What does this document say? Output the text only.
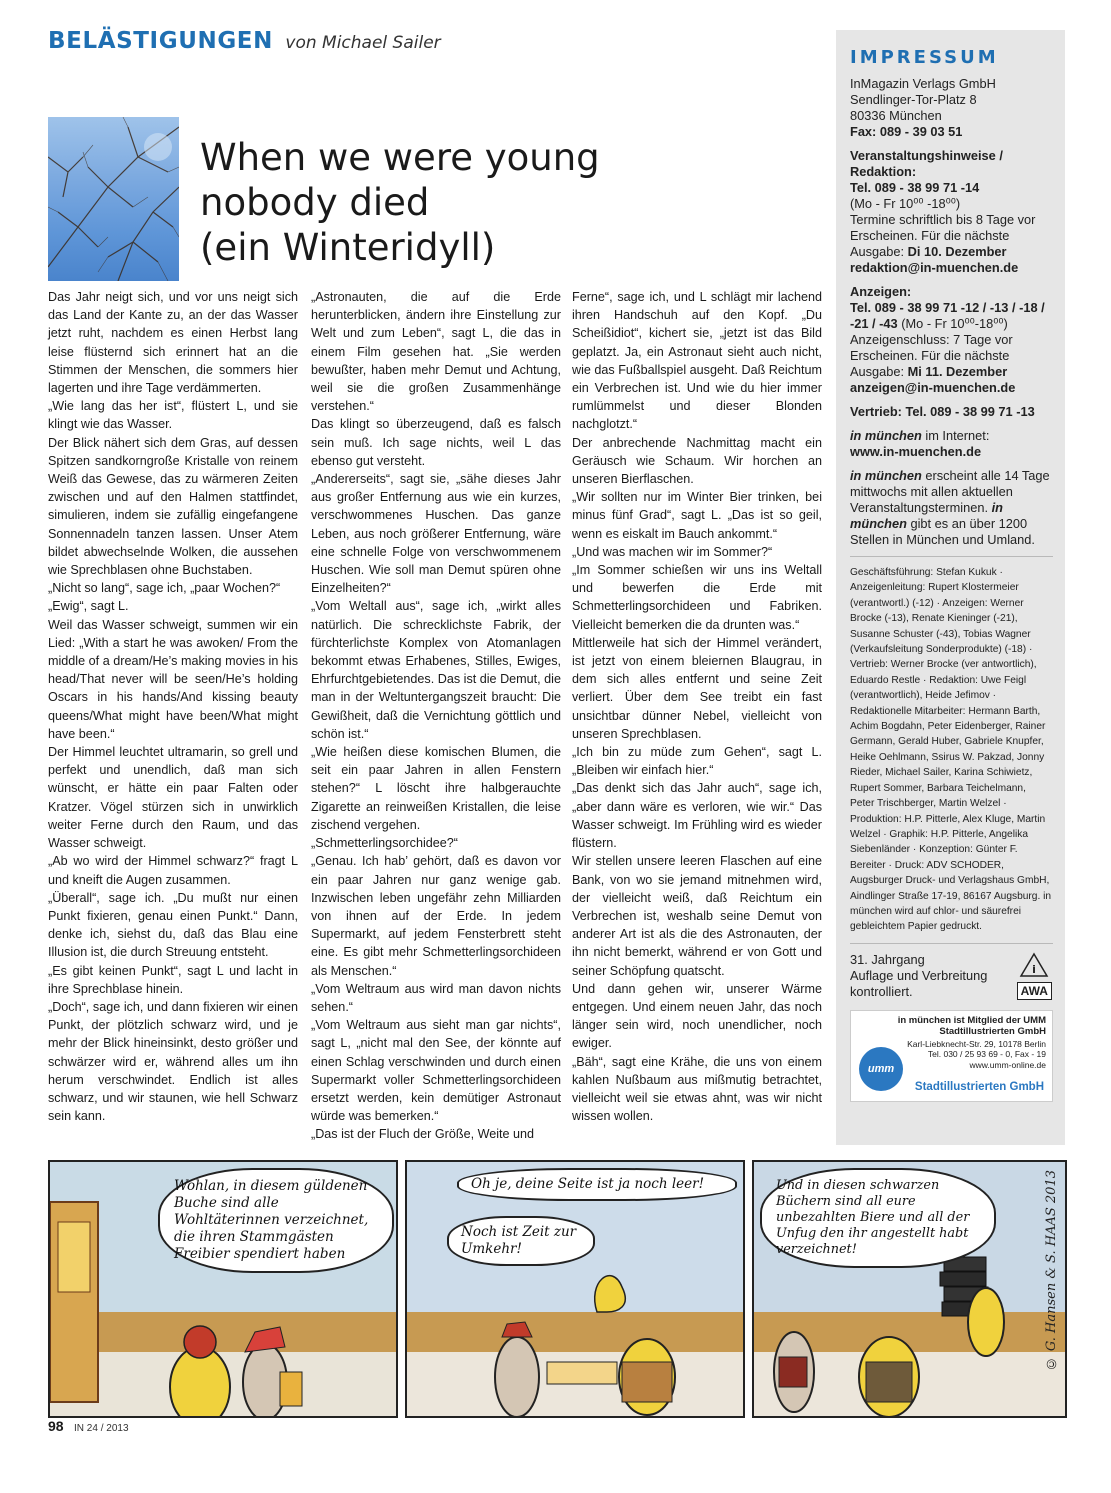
BELÄSTIGUNGEN von Michael Sailer
When we were young
nobody died
(ein Winteridyll)

Das Jahr neigt sich, und vor uns neigt sich das Land der Kante zu, an der das Wasser jetzt ruht, nachdem es einen Herbst lang leise flüsternd sich erinnert hat an die Stimmen der Menschen, die sommers hier lagerten und ihre Tage verdämmerten.

„Wie lang das her ist“, flüstert L, und sie klingt wie das Wasser.

Der Blick nähert sich dem Gras, auf dessen Spitzen sandkorngroße Kristalle von reinem Weiß das Gewese, das zu wärmeren Zeiten zwischen und auf den Halmen stattfindet, simulieren, indem sie zufällig eingefangene Sonnennadeln tanzen lassen. Unser Atem bildet abwechselnde Wolken, die aussehen wie Sprechblasen ohne Buchstaben.

„Nicht so lang“, sage ich, „paar Wochen?“

„Ewig“, sagt L.

Weil das Wasser schweigt, summen wir ein Lied: „With a start he was awoken/ From the middle of a dream/He’s making movies in his head/That never will be seen/He’s holding Oscars in his hands/And kissing beauty queens/What might have been/What might have been.“

Der Himmel leuchtet ultramarin, so grell und perfekt und unendlich, daß man sich wünscht, er hätte ein paar Falten oder Kratzer. Vögel stürzen sich in unwirklich weiter Ferne durch den Raum, und das Wasser schweigt.

„Ab wo wird der Himmel schwarz?“ fragt L und kneift die Augen zusammen.

„Überall“, sage ich. „Du mußt nur einen Punkt fixieren, genau einen Punkt.“ Dann, denke ich, siehst du, daß das Blau eine Illusion ist, die durch Streuung entsteht.

„Es gibt keinen Punkt“, sagt L und lacht in ihre Sprechblase hinein.

„Doch“, sage ich, und dann fixieren wir einen Punkt, der plötzlich schwarz wird, und je mehr der Blick hineinsinkt, desto größer und schwärzer wird er, während alles um ihn herum verschwindet. Endlich ist alles schwarz, und wir staunen, wie hell Schwarz sein kann.

„Astronauten, die auf die Erde herunterblicken, ändern ihre Einstellung zur Welt und zum Leben“, sagt L, die das in einem Film gesehen hat. „Sie werden bewußter, haben mehr Demut und Achtung, weil sie die großen Zusammenhänge verstehen.“

Das klingt so überzeugend, daß es falsch sein muß. Ich sage nichts, weil L das ebenso gut versteht.

„Andererseits“, sagt sie, „sähe dieses Jahr aus großer Entfernung aus wie ein kurzes, verschwommenes Huschen. Das ganze Leben, aus noch größerer Entfernung, wäre eine schnelle Folge von verschwommenem Huschen. Wie soll man Demut spüren ohne Einzelheiten?“

„Vom Weltall aus“, sage ich, „wirkt alles natürlich. Die schrecklichste Fabrik, der fürchterlichste Komplex von Atomanlagen bekommt etwas Erhabenes, Stilles, Ewiges, Ehrfurchtgebietendes. Das ist die Demut, die man in der Weltuntergangszeit braucht: Die Gewißheit, daß die Vernichtung göttlich und schön ist.“

„Wie heißen diese komischen Blumen, die seit ein paar Jahren in allen Fenstern stehen?“ L löscht ihre halbgerauchte Zigarette an reinweißen Kristallen, die leise zischend vergehen.

„Schmetterlingsorchidee?“

„Genau. Ich hab’ gehört, daß es davon vor ein paar Jahren nur ganz wenige gab. Inzwischen leben ungefähr zehn Milliarden von ihnen auf der Erde. In jedem Supermarkt, auf jedem Fensterbrett steht eine. Es gibt mehr Schmetterlingsorchideen als Menschen.“

„Vom Weltraum aus wird man davon nichts sehen.“

„Vom Weltraum aus sieht man gar nichts“, sagt L, „nicht mal den See, der könnte auf einen Schlag verschwinden und durch einen Supermarkt voller Schmetterlingsorchideen ersetzt werden, kein demütiger Astronaut würde was bemerken.“

„Das ist der Fluch der Größe, Weite und

Ferne“, sage ich, und L schlägt mir lachend ihren Handschuh auf den Kopf. „Du Scheißidiot“, kichert sie, „jetzt ist das Bild geplatzt. Ja, ein Astronaut sieht auch nicht, wie das Fußballspiel ausgeht. Daß Reichtum ein Verbrechen ist. Und wie du hier immer rumlümmelst und dieser Blonden nachglotzt.“

Der anbrechende Nachmittag macht ein Geräusch wie Schaum. Wir horchen an unseren Bierflaschen.

„Wir sollten nur im Winter Bier trinken, bei minus fünf Grad“, sagt L. „Das ist so geil, wenn es eiskalt im Bauch ankommt.“

„Und was machen wir im Sommer?“

„Im Sommer schießen wir uns ins Weltall und bewerfen die Erde mit Schmetterlingsorchideen und Fabriken. Vielleicht bemerken die da drunten was.“

Mittlerweile hat sich der Himmel verändert, ist jetzt von einem bleiernen Blaugrau, in dem sich alles entfernt und seine Zeit verliert. Über dem See treibt ein fast unsichtbar dünner Nebel, vielleicht von unseren Sprechblasen.

„Ich bin zu müde zum Gehen“, sagt L. „Bleiben wir einfach hier.“

„Das denkt sich das Jahr auch“, sage ich, „aber dann wäre es verloren, wie wir.“ Das Wasser schweigt. Im Frühling wird es wieder flüstern.

Wir stellen unsere leeren Flaschen auf eine Bank, von wo sie jemand mitnehmen wird, der vielleicht weiß, daß Reichtum ein Verbrechen ist, weshalb seine Demut von anderer Art ist als die des Astronauten, der ihn nicht bemerkt, während er von Gott und seiner Schöpfung quatscht.

Und dann gehen wir, unserer Wärme entgegen. Und einem neuen Jahr, das noch länger sein wird, noch unendlicher, noch ewiger.

„Bäh“, sagt eine Krähe, die uns von einem kahlen Nußbaum aus mißmutig betrachtet, vielleicht weil sie etwas ahnt, was wir nicht wissen wollen.

IMPRESSUM
InMagazin Verlags GmbH
Sendlinger-Tor-Platz 8
80336 München
Fax: 089 - 39 03 51
Veranstaltungshinweise / Redaktion:
Tel. 089 - 38 99 71 -14
(Mo - Fr 10⁰⁰ -18⁰⁰)
Termine schriftlich bis 8 Tage vor Erscheinen. Für die nächste Ausgabe: Di 10. Dezember
redaktion@in-muenchen.de
Anzeigen:
Tel. 089 - 38 99 71 -12 / -13 / -18 / -21 / -43 (Mo - Fr 10⁰⁰-18⁰⁰)
Anzeigenschluss: 7 Tage vor Erscheinen. Für die nächste Ausgabe: Mi 11. Dezember
anzeigen@in-muenchen.de
Vertrieb: Tel. 089 - 38 99 71 -13
in münchen im Internet:
www.in-muenchen.de
in münchen erscheint alle 14 Tage mittwochs mit allen aktuellen Veranstaltungsterminen. in münchen gibt es an über 1200 Stellen in München und Umland.
Geschäftsführung: Stefan Kukuk · Anzeigenleitung: Rupert Klostermeier (verantwortl.) (-12) · Anzeigen: Werner Brocke (-13), Renate Kieninger (-21), Susanne Schuster (-43), Tobias Wagner (Verkaufsleitung Sonderprodukte) (-18) · Vertrieb: Werner Brocke (ver antwortlich), Eduardo Restle · Redaktion: Uwe Feigl (verantwortlich), Heide Jefimov · Redaktionelle Mitarbeiter: Hermann Barth, Achim Bogdahn, Peter Eidenberger, Rainer Germann, Gerald Huber, Gabriele Knupfer, Heike Oehlmann, Ssirus W. Pakzad, Jonny Rieder, Michael Sailer, Karina Schiwietz, Rupert Sommer, Barbara Teichelmann, Peter Trischberger, Martin Welzel · Produktion: H.P. Pitterle, Alex Kluge, Martin Welzel · Graphik: H.P. Pitterle, Angelika Siebenländer · Konzeption: Günter F. Bereiter · Druck: ADV SCHODER, Augsburger Druck- und Verlagshaus GmbH, Aindlinger Straße 17-19, 86167 Augsburg. in münchen wird auf chlor- und säurefrei gebleichtem Papier gedruckt.
31. Jahrgang
Auflage und Verbreitung kontrolliert.
i
AWA
in münchen ist Mitglied der UMM Stadtillustrierten GmbH
Karl-Liebknecht-Str. 29, 10178 Berlin
Tel. 030 / 25 93 69 - 0, Fax - 19
www.umm-online.de
umm
Stadtillustrierten GmbH
Wohlan, in diesem güldenen Buche sind alle Wohltäterinnen verzeichnet, die ihren Stammgästen Freibier spendiert haben
Oh je, deine Seite ist ja noch leer!
Noch ist Zeit zur Umkehr!
Und in diesen schwarzen Büchern sind all eure unbezahlten Biere und all der Unfug den ihr angestellt habt verzeichnet!	© G. Hansen & S. HAAS 2013
98 IN 24 / 2013
